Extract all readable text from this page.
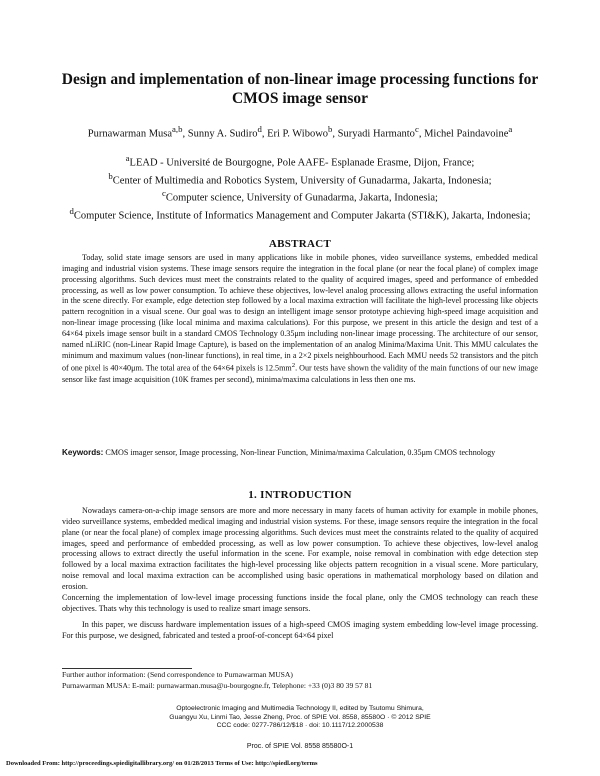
Design and implementation of non-linear image processing functions for CMOS image sensor
Purnawarman Musa$^{a,b}$, Sunny A. Sudiro$^d$, Eri P. Wibowo$^b$, Suryadi Harmanto$^c$, Michel Paindavoine$^a$
$^a$LEAD - Université de Bourgogne, Pole AAFE- Esplanade Erasme, Dijon, France;
$^b$Center of Multimedia and Robotics System, University of Gunadarma, Jakarta, Indonesia;
$^c$Computer science, University of Gunadarma, Jakarta, Indonesia;
$^d$Computer Science, Institute of Informatics Management and Computer Jakarta (STI&K), Jakarta, Indonesia;
ABSTRACT

Today, solid state image sensors are used in many applications like in mobile phones, video surveillance systems, embedded medical imaging and industrial vision systems. These image sensors require the integration in the focal plane (or near the focal plane) of complex image processing algorithms. Such devices must meet the constraints related to the quality of acquired images, speed and performance of embedded processing, as well as low power consumption. To achieve these objectives, low-level analog processing allows extracting the useful information in the scene directly. For example, edge detection step followed by a local maxima extraction will facilitate the high-level processing like objects pattern recognition in a visual scene. Our goal was to design an intelligent image sensor prototype achieving high-speed image acquisition and non-linear image processing (like local minima and maxima calculations). For this purpose, we present in this article the design and test of a 64×64 pixels image sensor built in a standard CMOS Technology 0.35μm including non-linear image processing. The architecture of our sensor, named nLiRIC (non-Linear Rapid Image Capture), is based on the implementation of an analog Minima/Maxima Unit. This MMU calculates the minimum and maximum values (non-linear functions), in real time, in a 2×2 pixels neighbourhood. Each MMU needs 52 transistors and the pitch of one pixel is 40×40μm. The total area of the 64×64 pixels is $12.5mm^2$. Our tests have shown the validity of the main functions of our new image sensor like fast image acquisition (10K frames per second), minima/maxima calculations in less then one ms.

Keywords: CMOS imager sensor, Image processing, Non-linear Function, Minima/maxima Calculation, 0.35μm CMOS technology
1. INTRODUCTION

Nowadays camera-on-a-chip image sensors are more and more necessary in many facets of human activity for example in mobile phones, video surveillance systems, embedded medical imaging and industrial vision systems. For these, image sensors require the integration in the focal plane (or near the focal plane) of complex image processing algorithms. Such devices must meet the constraints related to the quality of acquired images, speed and performance of embedded processing, as well as low power consumption. To achieve these objectives, low-level analog processing allows to extract directly the useful information in the scene. For example, noise removal in combination with edge detection step followed by a local maxima extraction facilitates the high-level processing like objects pattern recognition in a visual scene. More particulary, noise removal and local maxima extraction can be accomplished using basic operations in mathematical morphology based on dilation and erosion.

Concerning the implementation of low-level image processing functions inside the focal plane, only the CMOS technology can reach these objectives. Thats why this technology is used to realize smart image sensors.

In this paper, we discuss hardware implementation issues of a high-speed CMOS imaging system embedding low-level image processing. For this purpose, we designed, fabricated and tested a proof-of-concept 64×64 pixel

Further author information: (Send correspondence to Purnawarman MUSA)
Purnawarman MUSA: E-mail: purnawarman.musa@u-bourgogne.fr, Telephone: +33 (0)3 80 39 57 81
Optoelectronic Imaging and Multimedia Technology II, edited by Tsutomu Shimura,
Guangyu Xu, Linmi Tao, Jesse Zheng, Proc. of SPIE Vol. 8558, 85580O · © 2012 SPIE
CCC code: 0277-786/12/$18 · doi: 10.1117/12.2000538
Proc. of SPIE Vol. 8558 85580O-1
Downloaded From: http://proceedings.spiedigitallibrary.org/ on 01/28/2013 Terms of Use: http://spiedl.org/terms
